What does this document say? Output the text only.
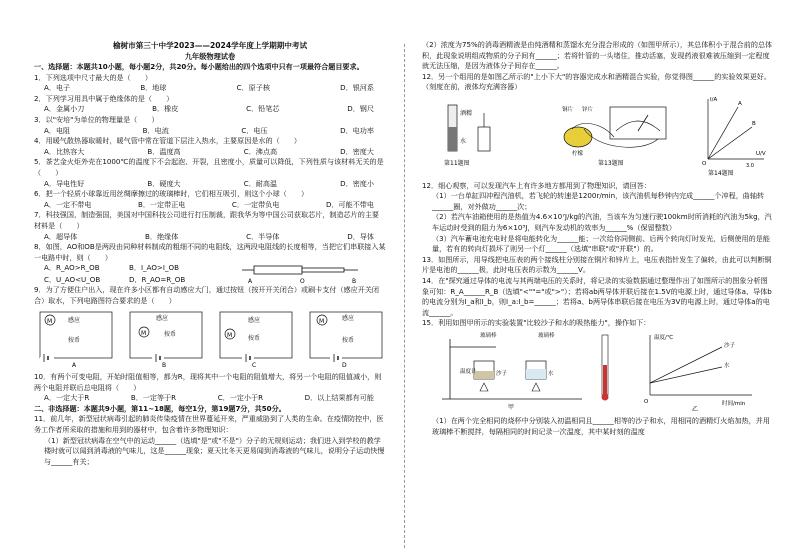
榆树市第三十中学2023——2024学年度上学期期中考试
九年级物理试卷
一、选择题：本题共10小题，每小题2分，共20分。每小题给出的四个选项中只有一项最符合题目要求。
1．下列选项中尺寸最大的是（　　）
A．电子	B．地球	C．原子核	D．银河系
2．下列学习用具中属于绝缘体的是（　　）
A．金属小刀	B．橡皮	C．铅笔芯	D．钢尺
3．以"安培"为单位的物理量是（　　）
A．电阻	B．电流	C．电压	D．电功率
4．用暖气散热器取暖时，暖气管中常在管道下层注入热水，主要原因是水的（　　）
A．比热容大	B．温度高	C．沸点高	D．密度大
5．茶艺金火炬外壳在1000℃的温度下不会起泡、开裂，且密度小，质量可以降低，下列性质与该材料无关的是（　　）
A．导电性好	B．硬度大	C．耐高温	D．密度小
6．把一个轻质小球靠近用丝绸摩擦过的玻璃棒时，它们相互吸引，则这个小球（　　）
A．一定不带电	B．一定带正电	C．一定带负电	D．可能不带电
7．科技强国，制造强国，美国对中国科技公司进行打压制裁，跟我华为等中国公司获取芯片，制造芯片的主要材料是（　　）
A．超导体	B．绝缘体	C．半导体	D．导体
8．如图，AO和OB是两段由同种材料制成的粗细不同的电阻线，这两段电阻线的长度相等，当把它们串联接入某一电路中时，则（　　）
A．R_AO>R_OB	B．I_AO>I_OB
C．U_AO<U_OB	D．R_AO=R_OB	A	O	B
9．为了方便住户出入，现在许多小区都有自动感应大门，通过按钮（按开开关闭合）或刷卡支付（感应开关闭合）取水，下列电路图符合要求的是（　　）
M	感应
按币
A
M
感应
按币
B
M
感应
按币
C
M	感应
按币
D
10．有两个可变电阻，开始时阻值相等，都为R，现将其中一个电阻的阻值增大，将另一个电阻的阻值减小，则两个电阻并联后总电阻将（　　）
A．一定大于R	B．一定等于R	C．一定小于R	D．以上结果都有可能
二、非选择题：本题共9小题，第11~18题，每空1分，第19题7分，共50分。
11．前几年，新型冠状病毒引起的肺炎传染疫情在世界蔓延开来，严重威胁到了人类的生命。在疫情防控中，医务工作者所采取的措施和用到的器材中，包含着许多物理知识：
（1）新型冠状病毒在空气中的运动______（选填"是"或"不是"）分子的无规则运动；我们进入到学校的教学楼时就可以闻到消毒液的气味儿，这是______现象；夏天比冬天更易闻到消毒液的气味儿，说明分子运动快慢与______有关；
（2）浓度为75%的消毒酒精液是由纯酒精和蒸馏水充分混合形成的（如图甲所示），其总体积小于混合前的总体积，此现象说明组成物质的分子间有______；若将针管的一头堵住，推动活塞，发现药液很难被压缩到一定程度就无法压缩，是因为液体分子间存在______。
12．另一个组用的是如图乙所示的"上小下大"的容器完成水和酒精混合实验，你觉得图______的实验效果更好。（刻度在前，液体均充满容器）
酒精
水
第11题图
铜片 锌片
柠檬
第13题图
I/A
U/V
O	3.0
A
B
第14题图
12．细心观察，可以发现汽车上有许多地方都用到了物理知识，请回答：
（1）一台单缸四冲程汽油机，若飞轮的转速是1200r/min，该汽油机每秒钟内完成______个冲程，曲轴转______圈，对外做功______次；
（2）若汽车油箱使用的是热值为4.6×10⁷J/kg的汽油，当该车为匀速行驶100km时所消耗的汽油为5kg，汽车运动时受到的阻力为6×10³J，则汽车发动机的效率为______%（保留整数）
（3）汽车蓄电池充电时是将电能转化为______能；一次给你同侧前、后两个转向灯时发光，后侧使用的是能量，若有的转向灯损坏了则另一个灯______（选填"串联"或"并联"）的。
13．如图所示，用导线把电压表的两个接线柱分别接在铜片和锌片上，电压表指针发生了偏转，由此可以判断铜片是电池的______极，此时电压表的示数为______V。
14．在"探究通过导体的电流与其两端电压的关系时，将记录的实验数据通过整理作出了如图所示的图象分析图象可知：R_A______R_B（选填"<""="或">"）；若将ab两导体并联后接在1.5V的电源上时，通过导体a、导体b的电流分别为I_a和I_b，则I_a:I_b=______；若将a、b两导体串联后接在电压为3V的电源上时，通过导体a的电流______。
15．利用如图甲所示的实验装置"比较沙子和水的吸热能力"，操作如下：
玻璃棒	玻璃棒
温度计	沙子	水
甲
温度/℃
时间/min
O
沙子
水
乙
（1）在两个完全相同的烧杯中分别装入初温相同且______相等的沙子和水，用相同的酒精灯火焰加热，并用玻璃棒不断搅拌，每隔相同的时间记录一次温度，其中某时刻的温度
